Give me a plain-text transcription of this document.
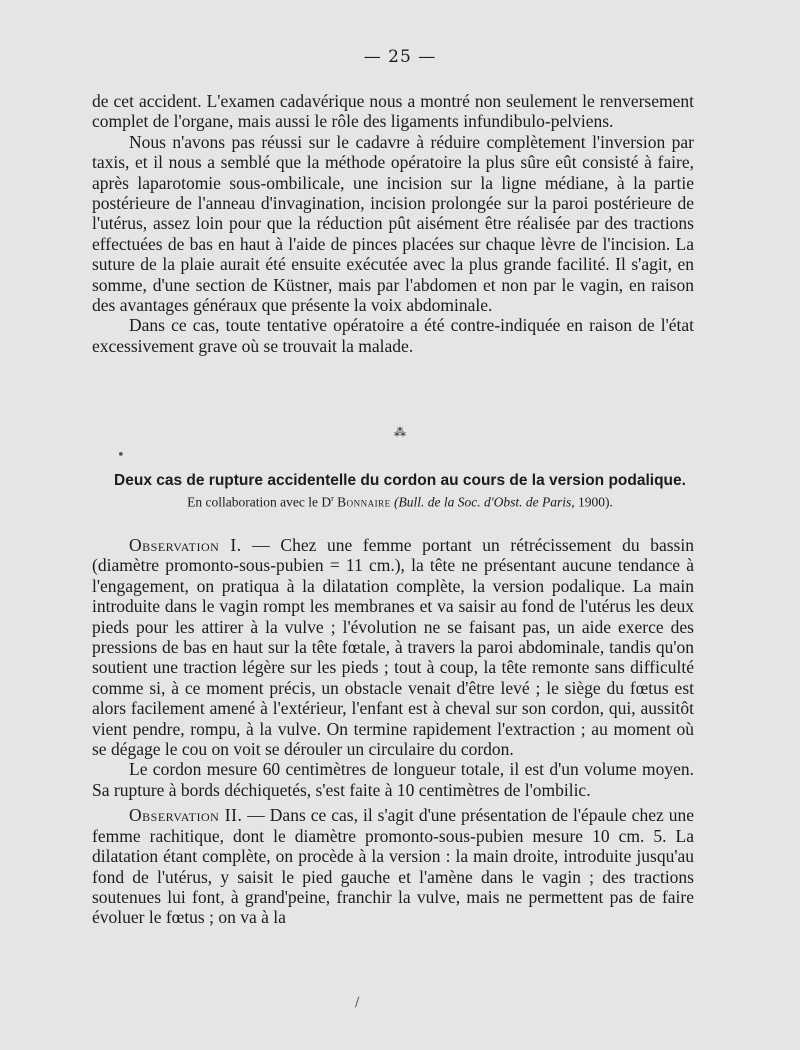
— 25 —

de cet accident. L'examen cadavérique nous a montré non seulement le renversement complet de l'organe, mais aussi le rôle des ligaments infundibulo-pelviens.

Nous n'avons pas réussi sur le cadavre à réduire complètement l'inversion par taxis, et il nous a semblé que la méthode opératoire la plus sûre eût consisté à faire, après laparotomie sous-ombilicale, une incision sur la ligne médiane, à la partie postérieure de l'anneau d'invagination, incision prolongée sur la paroi postérieure de l'utérus, assez loin pour que la réduction pût aisément être réalisée par des tractions effectuées de bas en haut à l'aide de pinces placées sur chaque lèvre de l'incision. La suture de la plaie aurait été ensuite exécutée avec la plus grande facilité. Il s'agit, en somme, d'une section de Küstner, mais par l'abdomen et non par le vagin, en raison des avantages généraux que présente la voix abdominale.

Dans ce cas, toute tentative opératoire a été contre-indiquée en raison de l'état excessivement grave où se trouvait la malade.

⁂
Deux cas de rupture accidentelle du cordon au cours de la version podalique.
En collaboration avec le $D^r$ Bonnaire (Bull. de la Soc. d'Obst. de Paris, 1900).

Observation I. — Chez une femme portant un rétrécissement du bassin (diamètre promonto-sous-pubien = 11 cm.), la tête ne présentant aucune tendance à l'engagement, on pratiqua à la dilatation complète, la version podalique. La main introduite dans le vagin rompt les membranes et va saisir au fond de l'utérus les deux pieds pour les attirer à la vulve ; l'évolution ne se faisant pas, un aide exerce des pressions de bas en haut sur la tête fœtale, à travers la paroi abdominale, tandis qu'on soutient une traction légère sur les pieds ; tout à coup, la tête remonte sans difficulté comme si, à ce moment précis, un obstacle venait d'être levé ; le siège du fœtus est alors facilement amené à l'extérieur, l'enfant est à cheval sur son cordon, qui, aussitôt vient pendre, rompu, à la vulve. On termine rapidement l'extraction ; au moment où se dégage le cou on voit se dérouler un circulaire du cordon.

Le cordon mesure 60 centimètres de longueur totale, il est d'un volume moyen. Sa rupture à bords déchiquetés, s'est faite à 10 centimètres de l'ombilic.

Observation II. — Dans ce cas, il s'agit d'une présentation de l'épaule chez une femme rachitique, dont le diamètre promonto-sous-pubien mesure 10 cm. 5. La dilatation étant complète, on procède à la version : la main droite, introduite jusqu'au fond de l'utérus, y saisit le pied gauche et l'amène dans le vagin ; des tractions soutenues lui font, à grand'peine, franchir la vulve, mais ne permettent pas de faire évoluer le fœtus ; on va à la

•
/
